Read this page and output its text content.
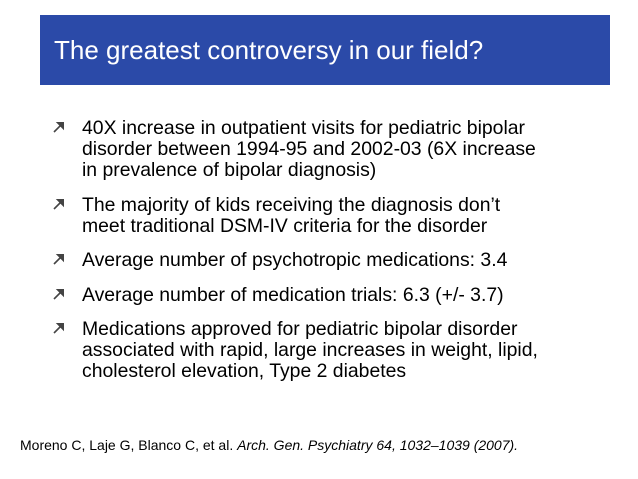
The greatest controversy in our field?
40X increase in outpatient visits for pediatric bipolar
disorder between 1994-95 and 2002-03 (6X increase
in prevalence of bipolar diagnosis)
The majority of kids receiving the diagnosis don’t
meet traditional DSM-IV criteria for the disorder
Average number of psychotropic medications: 3.4
Average number of medication trials: 6.3 (+/- 3.7)
Medications approved for pediatric bipolar disorder
associated with rapid, large increases in weight, lipid,
cholesterol elevation, Type 2 diabetes
Moreno C, Laje G, Blanco C, et al. Arch. Gen. Psychiatry 64, 1032–1039 (2007).
